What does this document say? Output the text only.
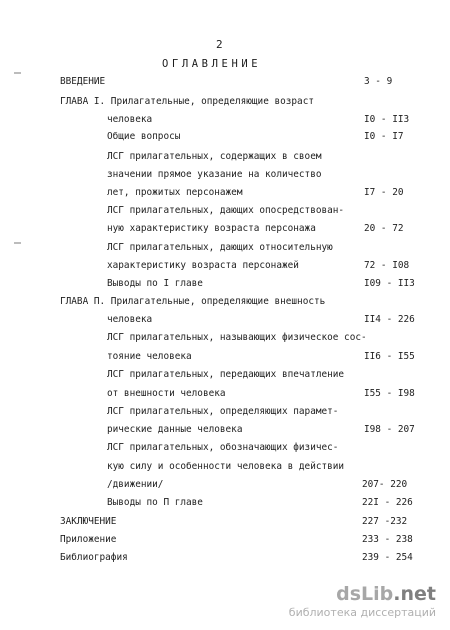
2
ОГЛАВЛЕНИЕ
ВВЕДЕНИЕ	3 - 9
ГЛАВА I. Прилагательные, определяющие возраст
человека	I0 - II3
Общие вопросы	I0 - I7
ЛСГ прилагательных, содержащих в своем
значении прямое указание на количество
лет, прожитых персонажем	I7 - 20
ЛСГ прилагательных, дающих опосредствован-
ную характеристику возраста персонажа	20 - 72
ЛСГ прилагательных, дающих относительную
характеристику возраста персонажей	72 - I08
Выводы по I главе	I09 - II3
ГЛАВА П. Прилагательные, определяющие внешность
человека	II4 - 226
ЛСГ прилагательных, называющих физическое сос-
тояние человека	II6 - I55
ЛСГ прилагательных, передающих впечатление
от внешности человека	I55 - I98
ЛСГ прилагательных, определяющих парамет-
рические данные человека	I98 - 207
ЛСГ прилагательных, обозначающих физичес-
кую силу и особенности человека в действии
/движении/	207- 220
Выводы по П главе	22I - 226
ЗАКЛЮЧЕНИЕ	227 -232
Приложение	233 - 238
Библиография	239 - 254
dsLib.net
библиотека диссертаций
